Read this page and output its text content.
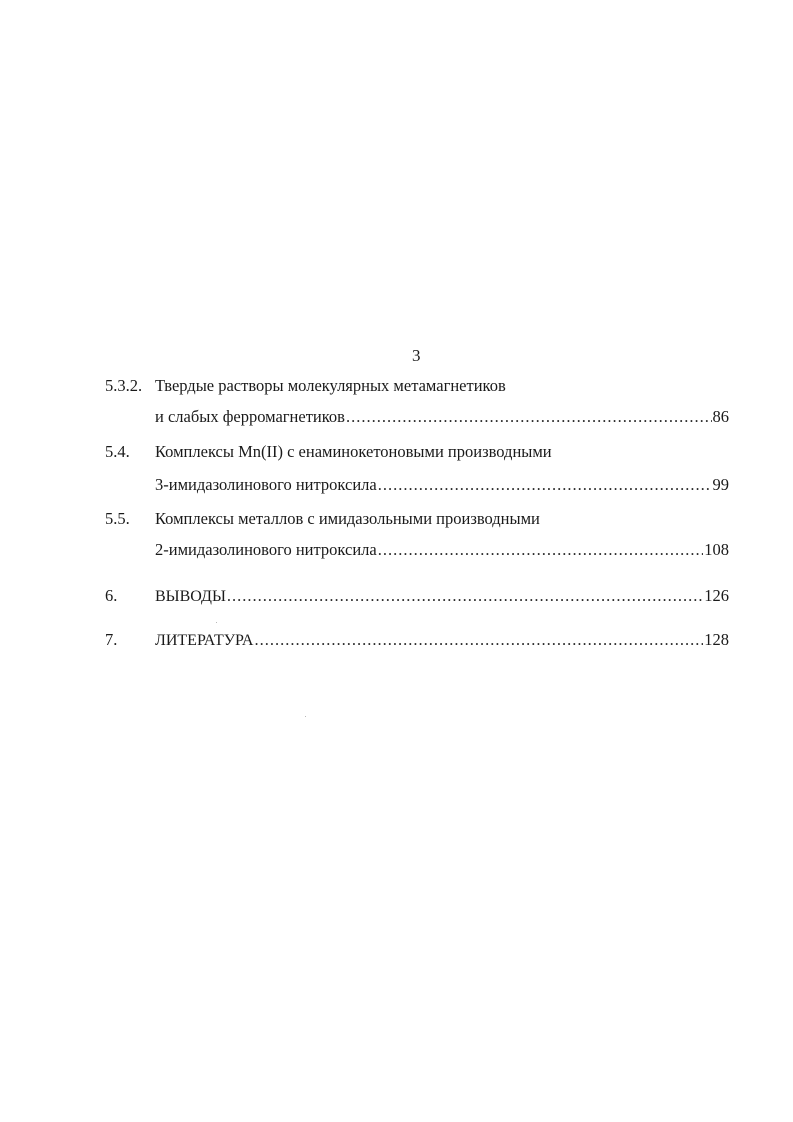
3
5.3.2. Твердые растворы молекулярных метамагнетиков
и слабых ферромагнетиков .....	86
5.4. Комплексы Mn(II) с енаминокетоновыми производными
3-имидазолинового нитроксила .....	99
5.5. Комплексы металлов с имидазольными производными
2-имидазолинового нитроксила .....	108
6. ВЫВОДЫ .....	126
7. ЛИТЕРАТУРА .....	128
